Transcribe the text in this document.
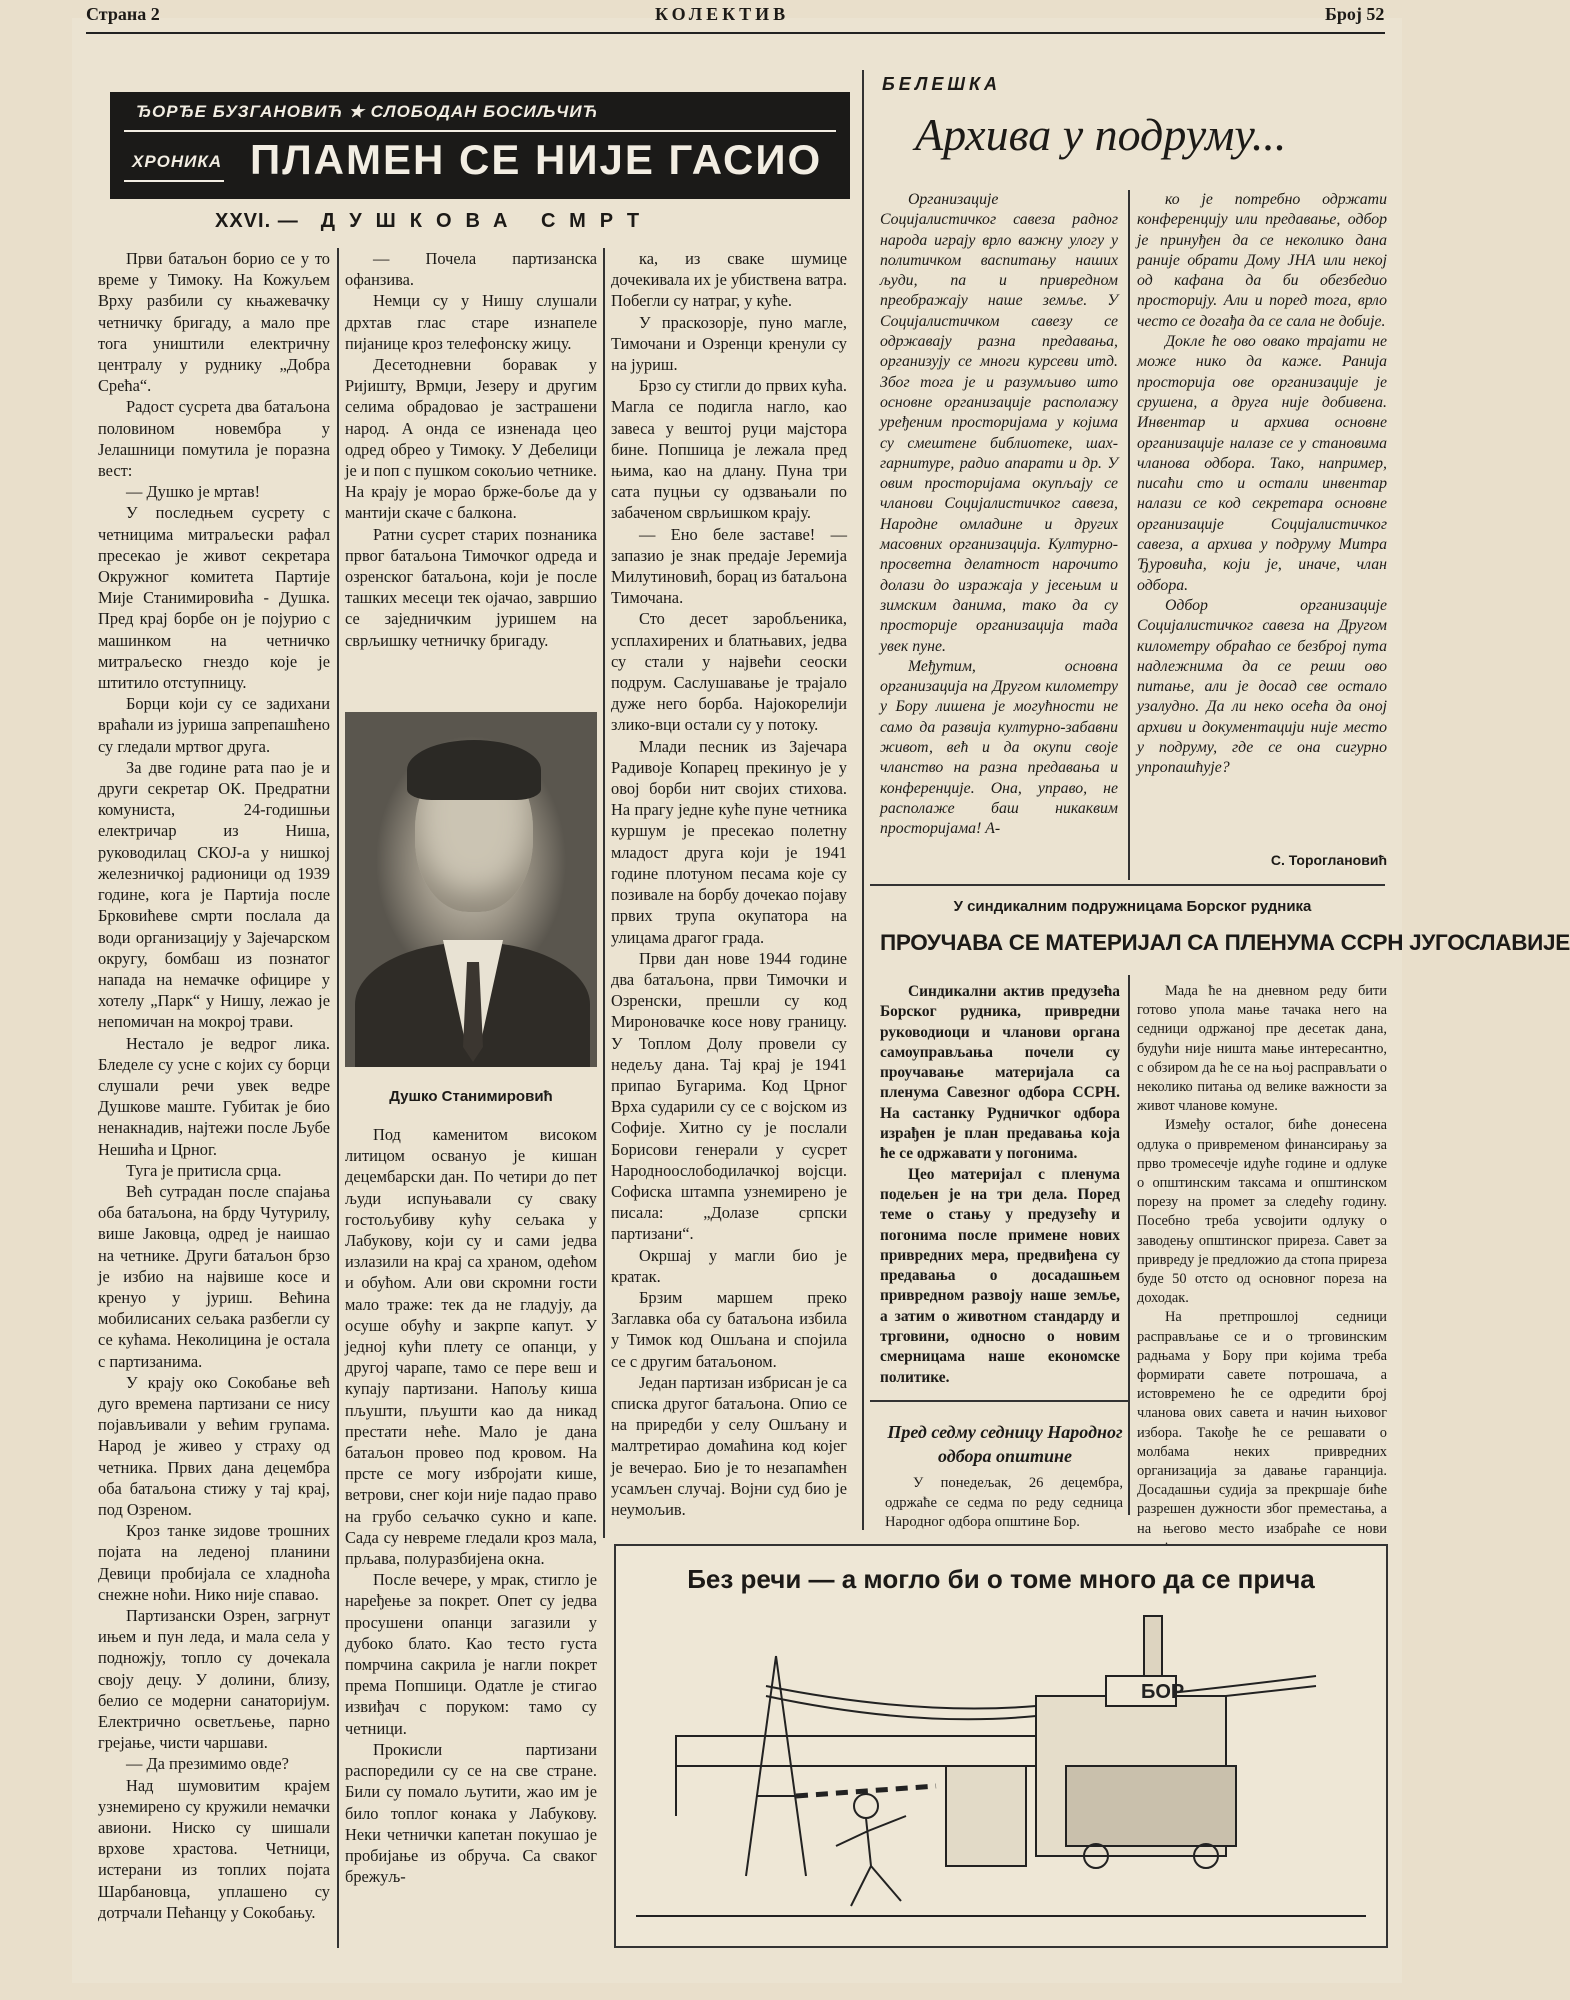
Страна 2	КОЛЕКТИВ	Број 52
ЂОРЂЕ БУЗГАНОВИЋ ★ СЛОБОДАН БОСИЉЧИЋ
ХРОНИКА ПЛАМЕН СЕ НИЈЕ ГАСИО
XXVI. — ДУШКОВА СМРТ

Први батаљон борио се у то време у Тимоку. На Кожуљем Врху разбили су књажевачку четничку бригаду, а мало пре тога уништили електричну централу у руднику „Добра Срећа“.

Радост сусрета два батаљона половином новембра у Јелашници помутила је поразна вест:

— Душко је мртав!

У последњем сусрету с четницима митраљески рафал пресекао је живот секретара Окружног комитета Партије Мије Станимировића - Душка. Пред крај борбе он је појурио с машинком на четничко митраљеско гнездо које је штитило отступницу.

Борци који су се задихани враћали из јуриша запрепашћено су гледали мртвог друга.

За две године рата пао је и други секретар ОК. Предратни комуниста, 24-годишњи електричар из Ниша, руководилац СКОЈ-а у нишкој железничкој радионици од 1939 године, кога је Партија после Брковићеве смрти послала да води организацију у Зајечарском округу, бомбаш из познатог напада на немачке официре у хотелу „Парк“ у Нишу, лежао је непомичан на мокрој трави.

Нестало је ведрог лика. Бледеле су усне с којих су борци слушали речи увек ведре Душкове маште. Губитак је био ненакнадив, најтежи после Љубе Нешића и Црног.

Туга је притисла срца.

Већ сутрадан после спајања оба батаљона, на брду Чутурилу, више Јаковца, одред је наишао на четнике. Други батаљон брзо је избио на највише косе и кренуо у јуриш. Већина мобилисаних сељака разбегли су се кућама. Неколицина је остала с партизанима.

У крају око Сокобање већ дуго времена партизани се нису појављивали у већим групама. Народ је живео у страху од четника. Првих дана децембра оба батаљона стижу у тај крај, под Озреном.

Кроз танке зидове трошних појата на леденој планини Девици пробијала се хладноћа снежне ноћи. Нико није спавао.

Партизански Озрен, загрнут ињем и пун леда, и мала села у подножју, топло су дочекала своју децу. У долини, близу, белио се модерни санаторијум. Електрично осветљење, парно грејање, чисти чаршави.

— Да презимимо овде?

Над шумовитим крајем узнемирено су кружили немачки авиони. Ниско су шишали врхове храстова. Четници, истерани из топлих појата Шарбановца, уплашено су дотрчали Пећанцу у Сокобању.

— Почела партизанска офанзива.

Немци су у Нишу слушали дрхтав глас старе изнапеле пијанице кроз телефонску жицу.

Десетодневни боравак у Ријишту, Врмџи, Језеру и другим селима обрадовао је застрашени народ. А онда се изненада цео одред обрео у Тимоку. У Дебелици је и поп с пушком сокољио четнике. На крају је морао брже-боље да у мантији скаче с балкона.

Ратни сусрет старих познаника првог батаљона Тимочког одреда и озренског батаљона, који је после ташких месеци тек ојачао, завршио се заједничким јуришем на сврљишку четничку бригаду.

Душко Станимировић

Под каменитом високом литицом освануо је кишан децембарски дан. По четири до пет људи испуњавали су сваку гостољубиву кућу сељака у Лабукову, који су и сами једва излазили на крај са храном, одећом и обућом. Али ови скромни гости мало траже: тек да не гладују, да осуше обућу и закрпе капут. У једној кући плету се опанци, у другој чарапе, тамо се пере веш и купају партизани. Напољу киша пљушти, пљушти као да никад престати неће. Мало је дана батаљон провео под кровом. На прсте се могу избројати кише, ветрови, снег који није падао право на грубо сељачко сукно и капе. Сада су невреме гледали кроз мала, прљава, полуразбијена окна.

После вечере, у мрак, стигло је наређење за покрет. Опет су једва просушени опанци загазили у дубоко блато. Као тесто густа помрчина сакрила је нагли покрет према Попшици. Одатле је стигао извиђач с поруком: тамо су четници.

Прокисли партизани распоредили су се на све стране. Били су помало љутити, жао им је било топлог конака у Лабукову. Неки четнички капетан покушао је пробијање из обруча. Са сваког брежуљ-

ка, из сваке шумице дочекивала их је убиствена ватра. Побегли су натраг, у куће.

У праскозорје, пуно магле, Тимочани и Озренци кренули су на јуриш.

Брзо су стигли до првих кућа. Магла се подигла нагло, као завеса у вештој руци мајстора бине. Попшица је лежала пред њима, као на длану. Пуна три сата пуцњи су одзвањали по забаченом сврљишком крају.

— Ено беле заставе! — запазио је знак предаје Јеремија Милутиновић, борац из батаљона Тимочана.

Сто десет заробљеника, усплахирених и блатњавих, једва су стали у највећи сеоски подрум. Саслушавање је трајало дуже него борба. Најокорелији злико-вци остали су у потоку.

Млади песник из Зајечара Радивоје Копарец прекинуо је у овој борби нит својих стихова. На прагу једне куће пуне четника куршум је пресекао полетну младост друга који је 1941 године плотуном песама које су позивале на борбу дочекао појаву првих трупа окупатора на улицама драгог града.

Први дан нове 1944 године два батаљона, први Тимочки и Озренски, прешли су код Мироновачке косе нову границу. У Топлом Долу провели су недељу дана. Тај крај је 1941 припао Бугарима. Код Црног Врха сударили су се с војском из Софије. Хитно су је послали Борисови генерали у сусрет Народноослободилачкој војсци. Софиска штампа узнемирено је писала: „Долазе српски партизани“.

Окршај у магли био је кратак.

Брзим маршем преко Заглавка оба су батаљона избила у Тимок код Ошљана и спојила се с другим батаљоном.

Један партизан избрисан је са списка другог батаљона. Опио се на приредби у селу Ошљану и малтретирао домаћина код којег је вечерао. Био је то незапамћен усамљен случај. Војни суд био је неумољив.

БЕЛЕШКА
Архива у подруму...

Организације Социјалистичког савеза радног народа играју врло важну улогу у политичком васпитању наших људи, па и привредном преображају наше земље. У Социјалистичком савезу се одржавају разна предавања, организују се многи курсеви итд. Због тога је и разумљиво што основне организације располажу уређеним просторијама у којима су смештене библиотеке, шах-гарнитуре, радио апарати и др. У овим просторијама окупљају се чланови Социјалистичког савеза, Народне омладине и других масовних организација. Културно-просветна делатност нарочито долази до изражаја у јесењим и зимским данима, тако да су просторије организација тада увек пуне.

Међутим, основна организација на Другом километру у Бору лишена је могућности не само да развија културно-забавни живот, већ и да окупи своје чланство на разна предавања и конференције. Она, управо, не располаже баш никаквим просторијама! А-

ко је потребно одржати конференцију или предавање, одбор је принуђен да се неколико дана раније обрати Дому ЈНА или некој од кафана да би обезбедио просторију. Али и поред тога, врло често се догађа да се сала не добије.

Докле ће ово овако трајати не може нико да каже. Ранија просторија ове организације је срушена, а друга није добивена. Инвентар и архива основне организације налазе се у становима чланова одбора. Тако, например, писаћи сто и остали инвентар налази се код секретара основне организације Социјалистичког савеза, а архива у подруму Митра Ђуровића, који је, иначе, члан одбора.

Одбор организације Социјалистичког савеза на Другом километру обраћао се безброј пута надлежнима да се реши ово питање, али је досад све остало узалудно. Да ли неко осећа да оној архиви и документацији није место у подруму, где се она сигурно упропашћује?

С. Торогланoвић
У синдикалним подружницама Борског рудника
ПРОУЧАВА СЕ МАТЕРИЈАЛ СА ПЛЕНУМА ССРН ЈУГОСЛАВИЈЕ

Синдикални актив предузећа Борског рудника, привредни руководиоци и чланови органа самоуправљања почели су проучавање материјала са пленума Савезног одбора ССРН. На састанку Рудничког одбора израђен је план предавања која ће се одржавати у погонима.

Цео материјал с пленума подељен је на три дела. Поред теме о стању у предузећу и погонима после примене нових привредних мера, предвиђена су предавања о досадашњем привредном развоју наше земље, а затим о животном стандарду и трговини, односно о новим смерницама наше економске политике.

Мада ће на дневном реду бити готово упола мање тачака него на седници одржаној пре десетак дана, будући није ништа мање интересантно, с обзиром да ће се на њој расправљати о неколико питања од велике важности за живот чланове комуне.

Између осталог, биће донесена одлука о привременом финансирању за прво тромесечје идуће године и одлуке о општинским таксама и општинском порезу на промет за следећу годину. Посебно треба усвојити одлуку о заводењу општинског прирезa. Савет за привреду је предложио да стопа прирезa буде 50 отсто од основног пореза на доходак.

На претпрошлој седници расправљање се и о трговинским радњама у Бору при којима треба формирати савете потрошача, а истовремено ће се одредити број чланова ових савета и начин њиховог избора. Такође ће се решавати о молбама неких привредних организација за давање гаранција. Досадашњи судија за прекршаје биће разрешен дужности због преместања, а на његово место изабраће се нови

Пред седму седницу Народног одбора општине

У понедељак, 26 децембра, одржаће се седма по реду седница Народног одбора општине Бор.

Без речи — а могло би о томе много да се прича
БОР
